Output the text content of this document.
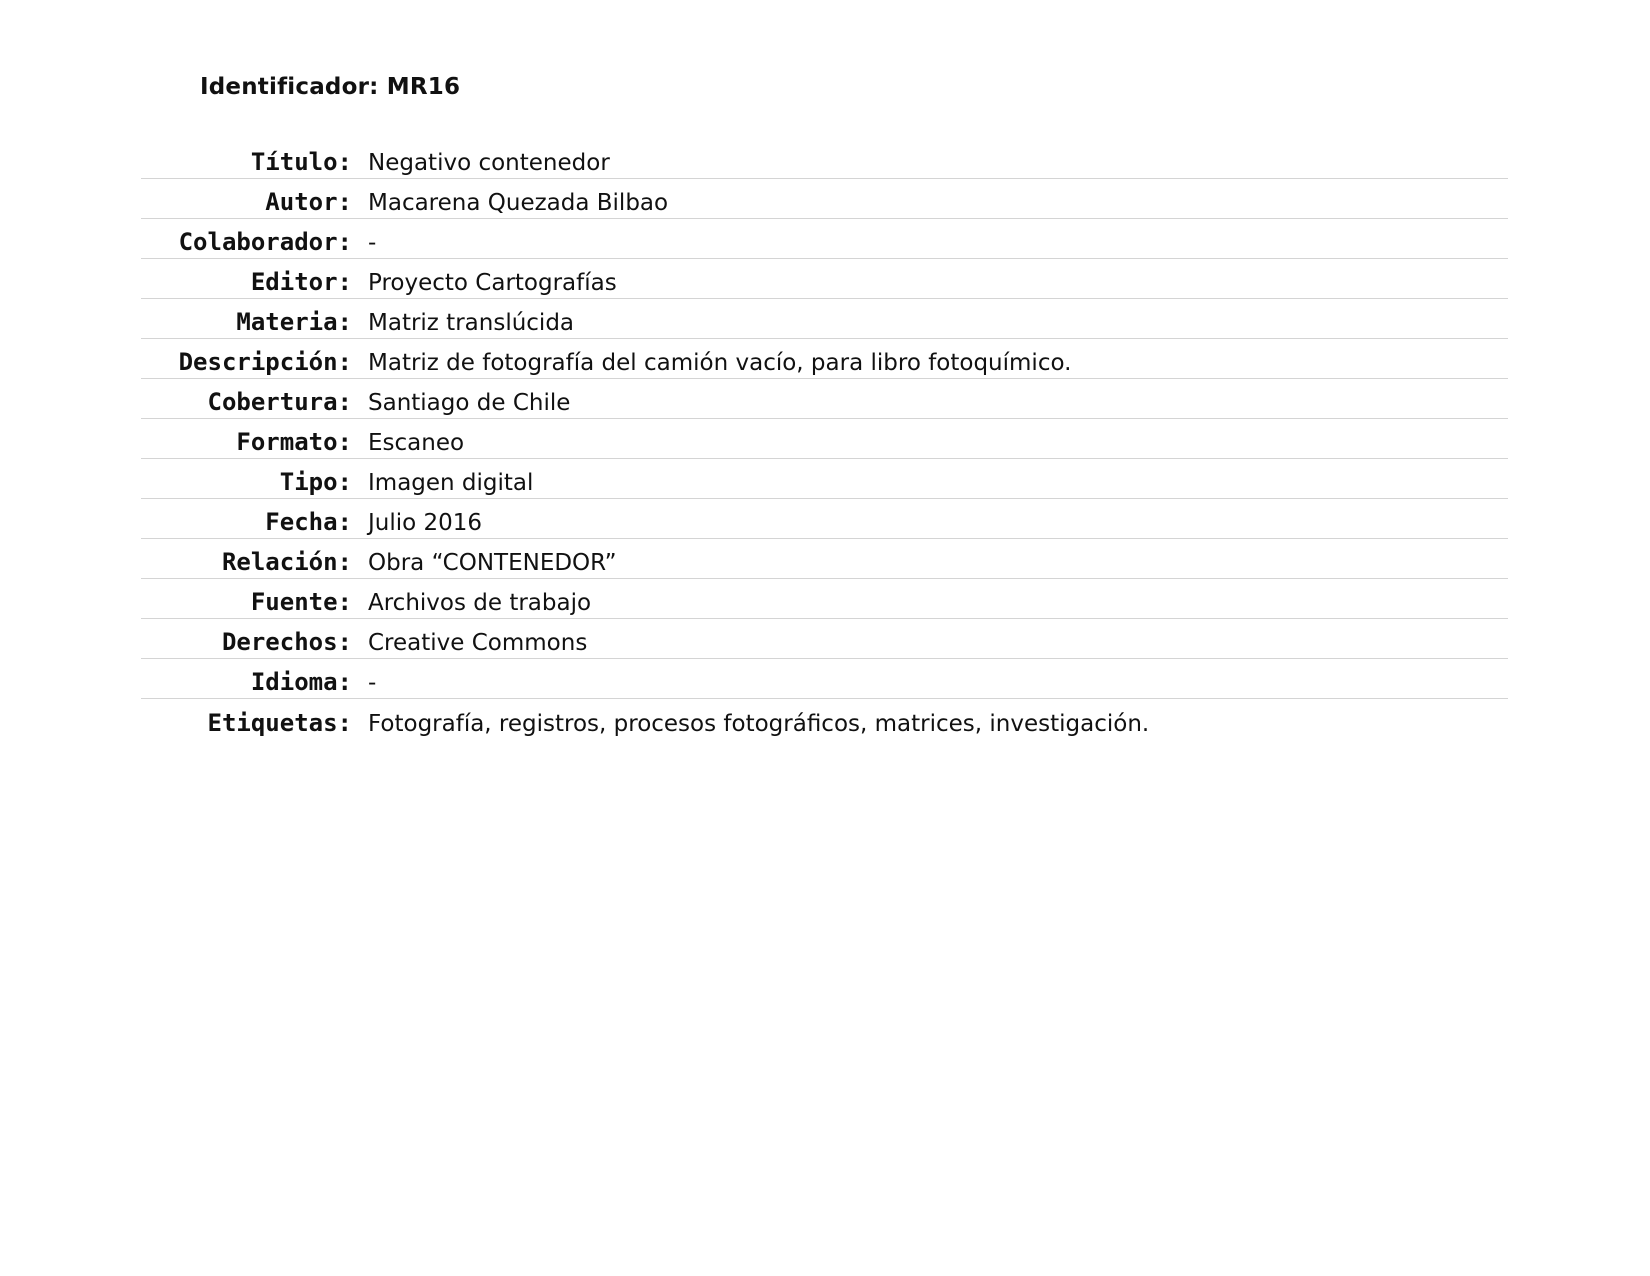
Identificador: MR16
Título: Negativo contenedor
Autor: Macarena Quezada Bilbao
Colaborador: -
Editor: Proyecto Cartografías
Materia: Matriz translúcida
Descripción: Matriz de fotografía del camión vacío, para libro fotoquímico.
Cobertura: Santiago de Chile
Formato: Escaneo
Tipo: Imagen digital
Fecha: Julio 2016
Relación: Obra “CONTENEDOR”
Fuente: Archivos de trabajo
Derechos: Creative Commons
Idioma: -
Etiquetas: Fotografía, registros, procesos fotográficos, matrices, investigación.
